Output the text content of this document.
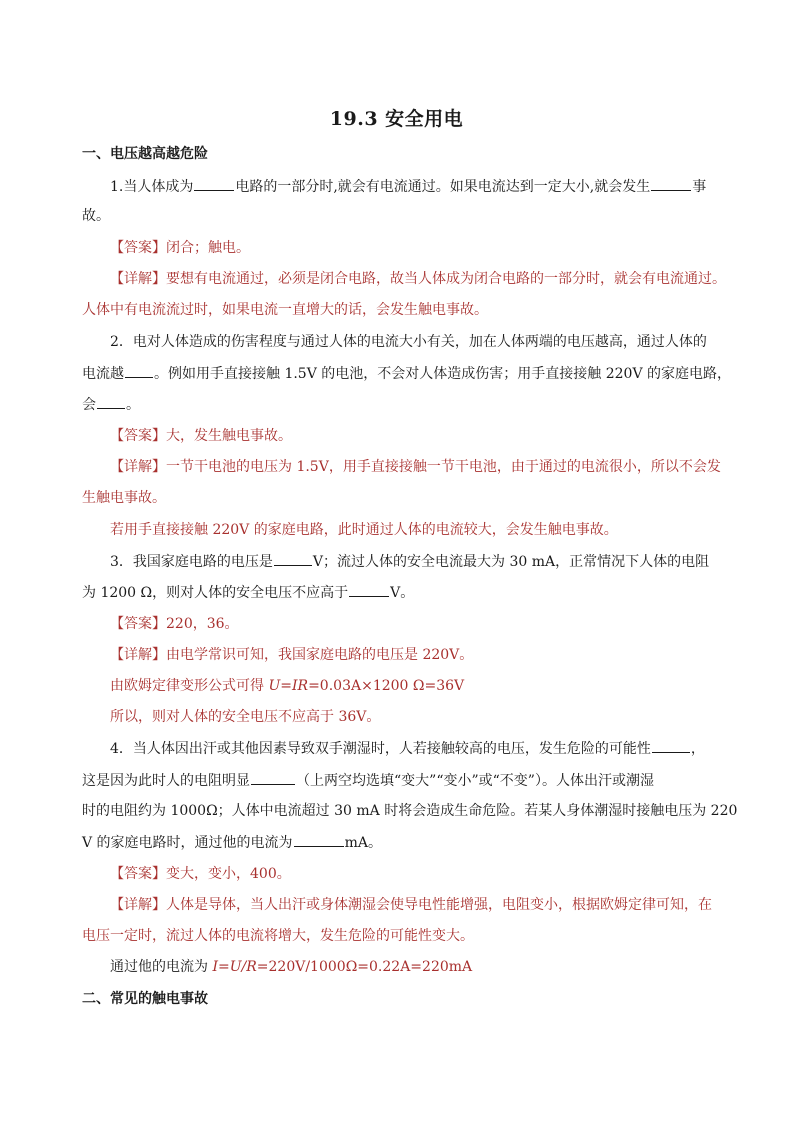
19.3 安全用电
一、电压越高越危险
1.当人体成为	电路的一部分时,就会有电流通过。如果电流达到一定大小,就会发生	事
故。
【答案】闭合；触电。
【详解】要想有电流通过，必须是闭合电路，故当人体成为闭合电路的一部分时，就会有电流通过。
人体中有电流流过时，如果电流一直增大的话，会发生触电事故。
2．电对人体造成的伤害程度与通过人体的电流大小有关，加在人体两端的电压越高，通过人体的
电流越 。例如用手直接接触 1.5V 的电池，不会对人体造成伤害；用手直接接触 220V 的家庭电路，
会 。
【答案】大，发生触电事故。
【详解】一节干电池的电压为 1.5V，用手直接接触一节干电池，由于通过的电流很小，所以不会发
生触电事故。
若用手直接接触 220V 的家庭电路，此时通过人体的电流较大，会发生触电事故。
3．我国家庭电路的电压是	V；流过人体的安全电流最大为 30 mA，正常情况下人体的电阻
为 1200 Ω，则对人体的安全电压不应高于	V。
【答案】220，36。
【详解】由电学常识可知，我国家庭电路的电压是 220V。
由欧姆定律变形公式可得 U=IR=0.03A×1200 Ω=36V
所以，则对人体的安全电压不应高于 36V。
4．当人体因出汗或其他因素导致双手潮湿时，人若接触较高的电压，发生危险的可能性	，
这是因为此时人的电阻明显	（上两空均选填“变大”“变小”或“不变”）。人体出汗或潮湿
时的电阻约为 1000Ω；人体中电流超过 30 mA 时将会造成生命危险。若某人身体潮湿时接触电压为 220
V 的家庭电路时，通过他的电流为	mA。
【答案】变大，变小，400。
【详解】人体是导体，当人出汗或身体潮湿会使导电性能增强，电阻变小，根据欧姆定律可知，在
电压一定时，流过人体的电流将增大，发生危险的可能性变大。
通过他的电流为 I=U/R=220V/1000Ω=0.22A=220mA
二、常见的触电事故
